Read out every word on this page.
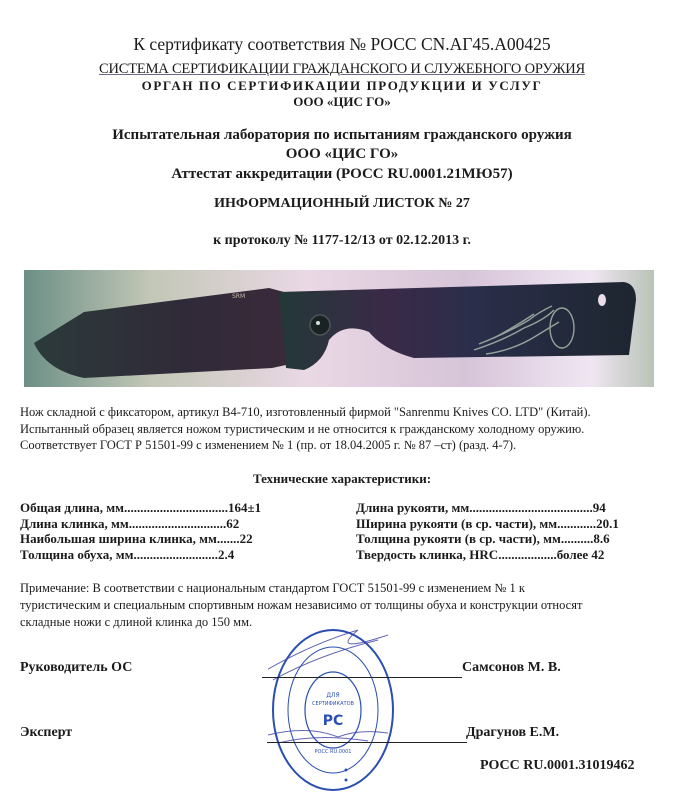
К сертификату соответствия № РОСС CN.АГ45.А00425
СИСТЕМА СЕРТИФИКАЦИИ ГРАЖДАНСКОГО И СЛУЖЕБНОГО ОРУЖИЯ
ОРГАН ПО СЕРТИФИКАЦИИ ПРОДУКЦИИ И УСЛУГ
ООО «ЦИС ГО»
Испытательная лаборатория по испытаниям гражданского оружия
ООО «ЦИС ГО»
Аттестат аккредитации (РОСС RU.0001.21МЮ57)
ИНФОРМАЦИОННЫЙ ЛИСТОК № 27
к протоколу № 1177-12/13 от 02.12.2013 г.
SRM
Нож складной с фиксатором, артикул В4-710, изготовленный фирмой "Sanrenmu Knives CO. LTD" (Китай).
Испытанный образец является ножом туристическим и не относится к гражданскому холодному оружию.
Соответствует ГОСТ Р 51501-99 с изменением № 1 (пр. от 18.04.2005 г. № 87 –ст) (разд. 4-7).
Технические характеристики:
Общая длина, мм................................164±1
Длина клинка, мм..............................62
Наибольшая ширина клинка, мм.......22
Толщина обуха, мм..........................2.4
Длина рукояти, мм......................................94
Ширина рукояти (в ср. части), мм............20.1
Толщина рукояти (в ср. части), мм..........8.6
Твердость клинка, HRC..................более 42
Примечание: В соответствии с национальным стандартом ГОСТ 51501-99 с изменением № 1 к
туристическим и специальным спортивным ножам независимо от толщины обуха и конструкции относят
складные ножи с длиной клинка до 150 мм.
ДЛЯ
СЕРТИФИКАТОВ
РС
РОСС RU.0001
Руководитель ОС	Самсонов М. В.
Эксперт	Драгунов Е.М.
РОСС RU.0001.31019462
